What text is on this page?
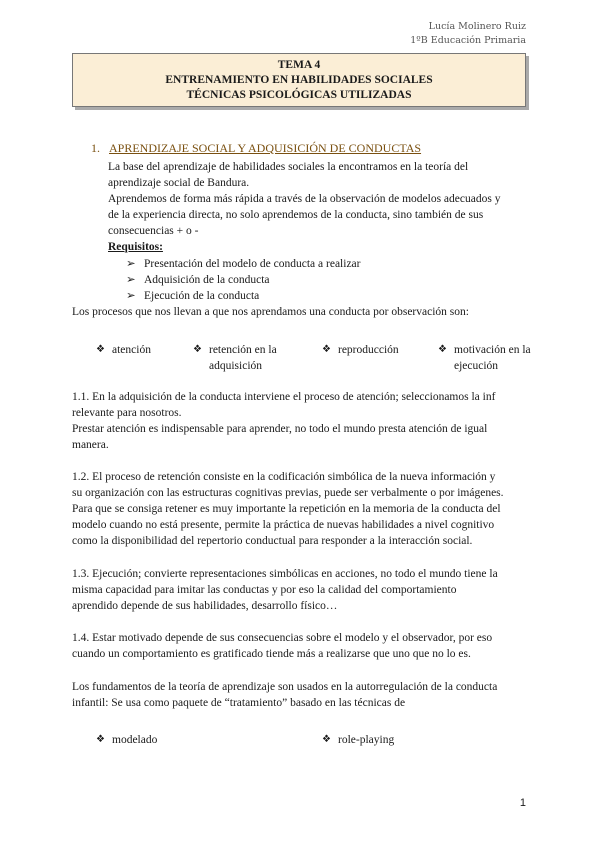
Lucía Molinero Ruiz
1ºB Educación Primaria
TEMA 4
ENTRENAMIENTO EN HABILIDADES SOCIALES
TÉCNICAS PSICOLÓGICAS UTILIZADAS
1. APRENDIZAJE SOCIAL Y ADQUISICIÓN DE CONDUCTAS
La base del aprendizaje de habilidades sociales la encontramos en la teoría del
aprendizaje social de Bandura.
Aprendemos de forma más rápida a través de la observación de modelos adecuados y
de la experiencia directa, no solo aprendemos de la conducta, sino también de sus
consecuencias + o -
Requisitos:
➢ Presentación del modelo de conducta a realizar
➢ Adquisición de la conducta
➢ Ejecución de la conducta
Los procesos que nos llevan a que nos aprendamos una conducta por observación son:
❖ atención	❖ retención en la
adquisición
❖ reproducción	❖ motivación en la
ejecución
1.1. En la adquisición de la conducta interviene el proceso de atención; seleccionamos la inf
relevante para nosotros.
Prestar atención es indispensable para aprender, no todo el mundo presta atención de igual
manera.
1.2. El proceso de retención consiste en la codificación simbólica de la nueva información y
su organización con las estructuras cognitivas previas, puede ser verbalmente o por imágenes.
Para que se consiga retener es muy importante la repetición en la memoria de la conducta del
modelo cuando no está presente, permite la práctica de nuevas habilidades a nivel cognitivo
como la disponibilidad del repertorio conductual para responder a la interacción social.
1.3. Ejecución; convierte representaciones simbólicas en acciones, no todo el mundo tiene la
misma capacidad para imitar las conductas y por eso la calidad del comportamiento
aprendido depende de sus habilidades, desarrollo físico…
1.4. Estar motivado depende de sus consecuencias sobre el modelo y el observador, por eso
cuando un comportamiento es gratificado tiende más a realizarse que uno que no lo es.
Los fundamentos de la teoría de aprendizaje son usados en la autorregulación de la conducta
infantil: Se usa como paquete de “tratamiento” basado en las técnicas de
❖ modelado	❖ role-playing
1
